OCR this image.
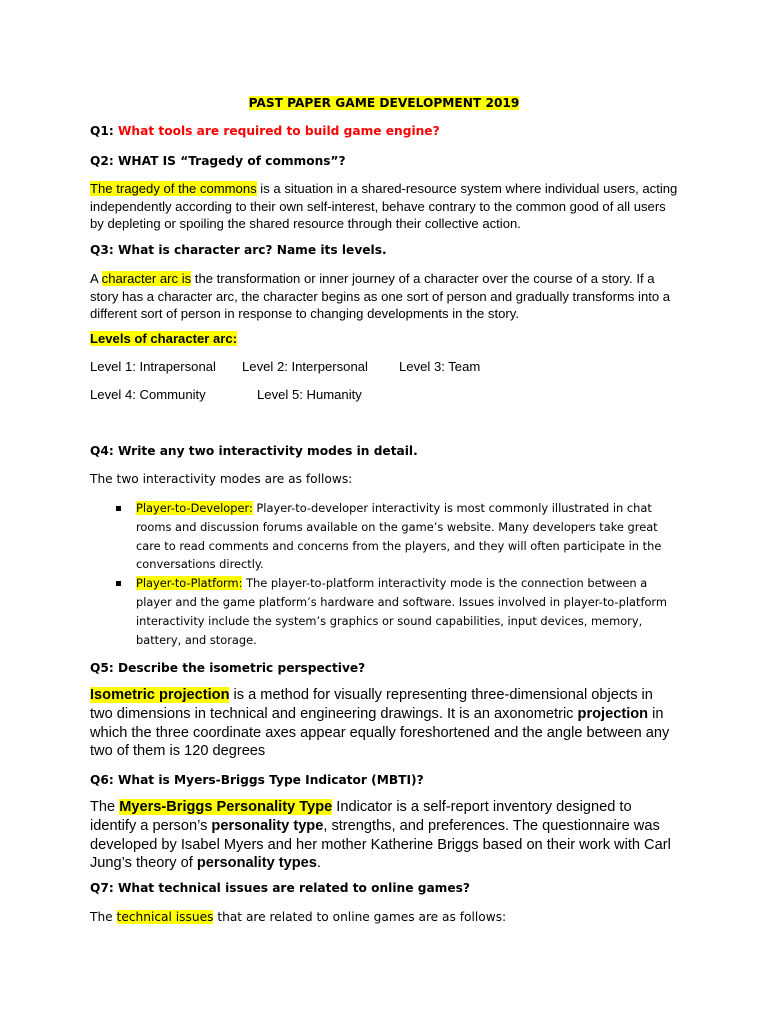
PAST PAPER GAME DEVELOPMENT 2019
Q1: What tools are required to build game engine?
Q2: WHAT IS “Tragedy of commons”?
The tragedy of the commons is a situation in a shared-resource system where individual users, acting independently according to their own self-interest, behave contrary to the common good of all users by depleting or spoiling the shared resource through their collective action.
Q3: What is character arc? Name its levels.
A character arc is the transformation or inner journey of a character over the course of a story. If a story has a character arc, the character begins as one sort of person and gradually transforms into a different sort of person in response to changing developments in the story.
Levels of character arc:
Level 1: Intrapersonal Level 2: Interpersonal Level 3: Team
Level 4: Community	Level 5: Humanity
Q4: Write any two interactivity modes in detail.
The two interactivity modes are as follows:
Player-to-Developer: Player-to-developer interactivity is most commonly illustrated in chat rooms and discussion forums available on the game’s website. Many developers take great care to read comments and concerns from the players, and they will often participate in the conversations directly.
Player-to-Platform: The player-to-platform interactivity mode is the connection between a player and the game platform’s hardware and software. Issues involved in player-to-platform interactivity include the system’s graphics or sound capabilities, input devices, memory, battery, and storage.
Q5: Describe the isometric perspective?
Isometric projection is a method for visually representing three-dimensional objects in two dimensions in technical and engineering drawings. It is an axonometric projection in which the three coordinate axes appear equally foreshortened and the angle between any two of them is 120 degrees
Q6: What is Myers-Briggs Type Indicator (MBTI)?
The Myers-Briggs Personality Type Indicator is a self-report inventory designed to identify a person’s personality type, strengths, and preferences. The questionnaire was developed by Isabel Myers and her mother Katherine Briggs based on their work with Carl Jung’s theory of personality types.
Q7: What technical issues are related to online games?
The technical issues that are related to online games are as follows:
